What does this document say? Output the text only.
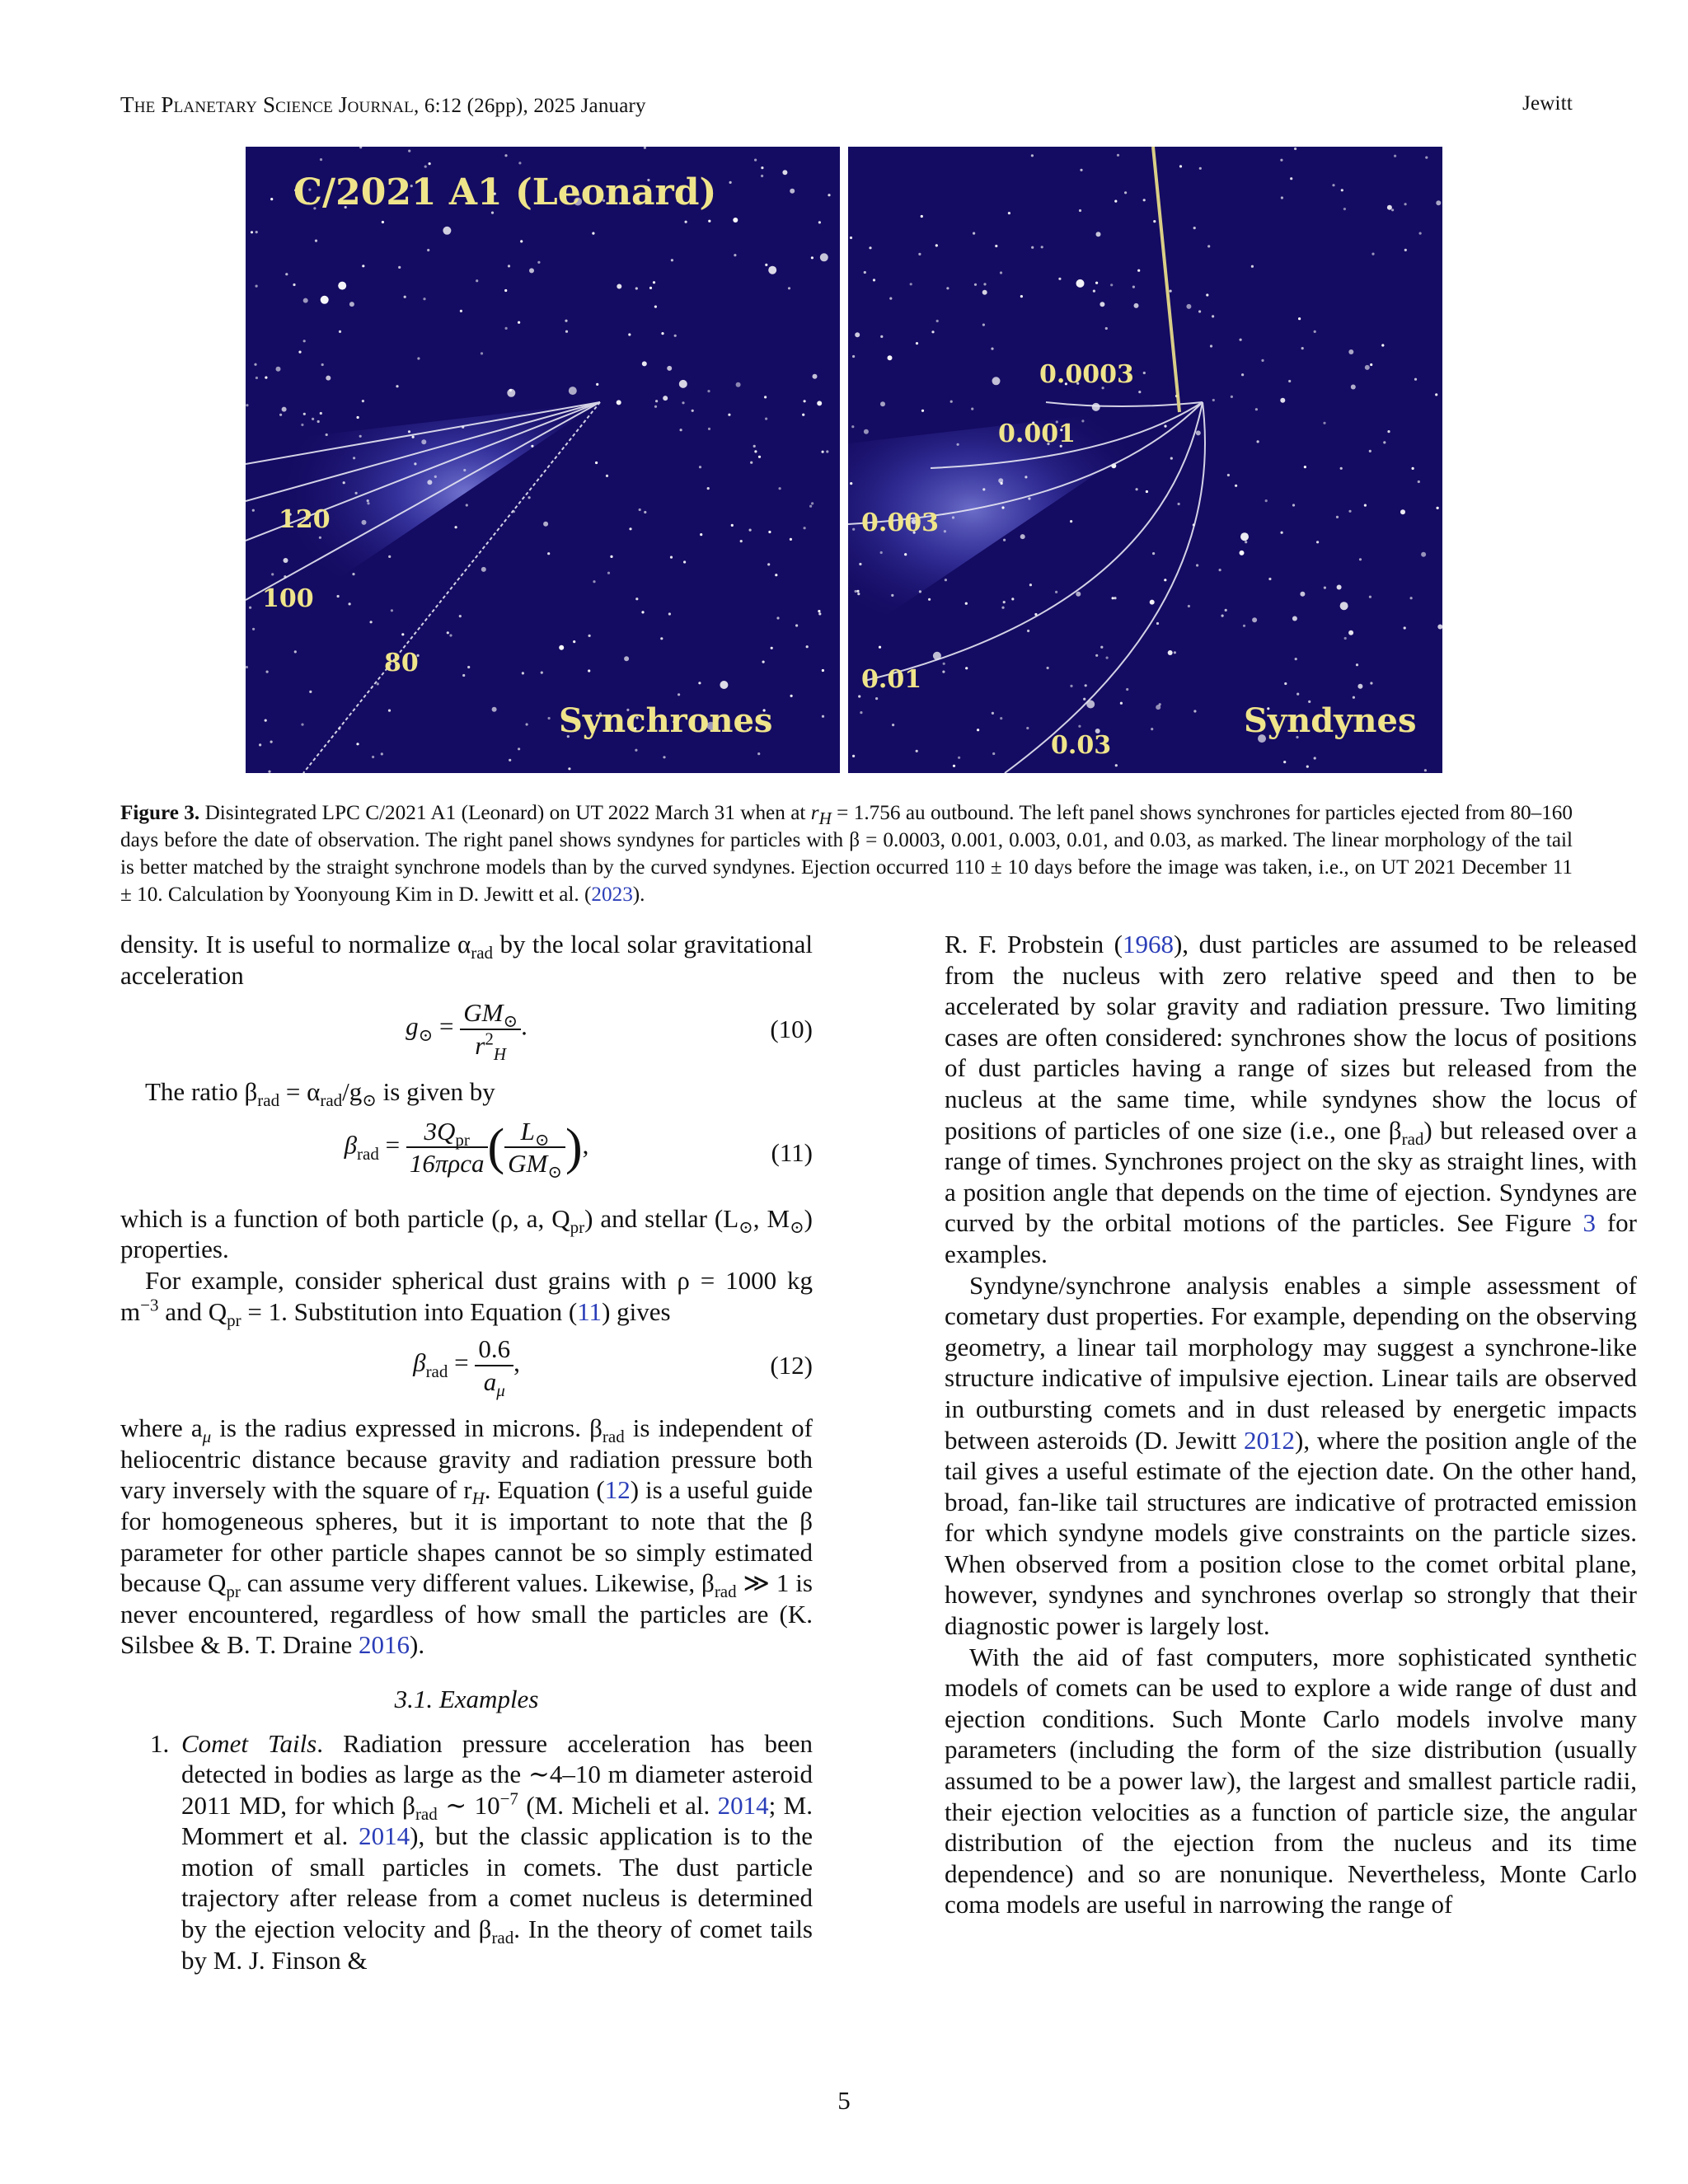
The Planetary Science Journal, 6:12 (26pp), 2025 January	Jewitt
C/2021 A1 (Leonard)
120
100
80
Synchrones
0.0003
0.001
0.003
0.01
0.03
Syndynes
Figure 3. Disintegrated LPC C/2021 A1 (Leonard) on UT 2022 March 31 when at $r_H = 1.756$ au outbound. The left panel shows synchrones for particles ejected from 80–160 days before the date of observation. The right panel shows syndynes for particles with β = 0.0003, 0.001, 0.003, 0.01, and 0.03, as marked. The linear morphology of the tail is better matched by the straight synchrone models than by the curved syndynes. Ejection occurred 110 ± 10 days before the image was taken, i.e., on UT 2021 December 11 ± 10. Calculation by Yoonyoung Kim in D. Jewitt et al. (2023).

density. It is useful to normalize $\alpha_{rad}$ by the local solar gravitational acceleration

$g_⊙ = \frac{GM_⊙}{r^2_H}$ .	(10)

The ratio $\beta_{rad} = \alpha_{rad}/g_⊙$ is given by

$\beta_{rad} = \frac{3Q_{pr}}{\text{16πρca}}$ ( $\frac{L_⊙}{GM_⊙}$ ),	(11)

which is a function of both particle (ρ, a, $Q_{pr}$) and stellar ($L_⊙$, $M_⊙$) properties.

For example, consider spherical dust grains with ρ = 1000 kg $m^{-3}$ and $Q_{pr} = 1$. Substitution into Equation (11) gives

$\beta_{rad} = \frac{0.6}{a_\mu}$ ,	(12)

where $a_\mu$ is the radius expressed in microns. $\beta_{rad}$ is independent of heliocentric distance because gravity and radiation pressure both vary inversely with the square of $r_H$. Equation (12) is a useful guide for homogeneous spheres, but it is important to note that the β parameter for other particle shapes cannot be so simply estimated because $Q_{pr}$ can assume very different values. Likewise, $\beta_{rad}$ ≫ 1 is never encountered, regardless of how small the particles are (K. Silsbee & B. T. Draine 2016).

3.1. Examples
1. Comet Tails. Radiation pressure acceleration has been detected in bodies as large as the ∼4–10 m diameter asteroid 2011 MD, for which $\beta_{rad}$ ∼ $10^{-7}$ (M. Micheli et al. 2014; M. Mommert et al. 2014), but the classic application is to the motion of small particles in comets. The dust particle trajectory after release from a comet nucleus is determined by the ejection velocity and $\beta_{rad}$. In the theory of comet tails by M. J. Finson &

R. F. Probstein (1968), dust particles are assumed to be released from the nucleus with zero relative speed and then to be accelerated by solar gravity and radiation pressure. Two limiting cases are often considered: synchrones show the locus of positions of dust particles having a range of sizes but released from the nucleus at the same time, while syndynes show the locus of positions of particles of one size (i.e., one $\beta_{rad}$) but released over a range of times. Synchrones project on the sky as straight lines, with a position angle that depends on the time of ejection. Syndynes are curved by the orbital motions of the particles. See Figure 3 for examples.

Syndyne/synchrone analysis enables a simple assessment of cometary dust properties. For example, depending on the observing geometry, a linear tail morphology may suggest a synchrone-like structure indicative of impulsive ejection. Linear tails are observed in outbursting comets and in dust released by energetic impacts between asteroids (D. Jewitt 2012), where the position angle of the tail gives a useful estimate of the ejection date. On the other hand, broad, fan-like tail structures are indicative of protracted emission for which syndyne models give constraints on the particle sizes. When observed from a position close to the comet orbital plane, however, syndynes and synchrones overlap so strongly that their diagnostic power is largely lost.

With the aid of fast computers, more sophisticated synthetic models of comets can be used to explore a wide range of dust and ejection conditions. Such Monte Carlo models involve many parameters (including the form of the size distribution (usually assumed to be a power law), the largest and smallest particle radii, their ejection velocities as a function of particle size, the angular distribution of the ejection from the nucleus and its time dependence) and so are nonunique. Nevertheless, Monte Carlo coma models are useful in narrowing the range of

5
